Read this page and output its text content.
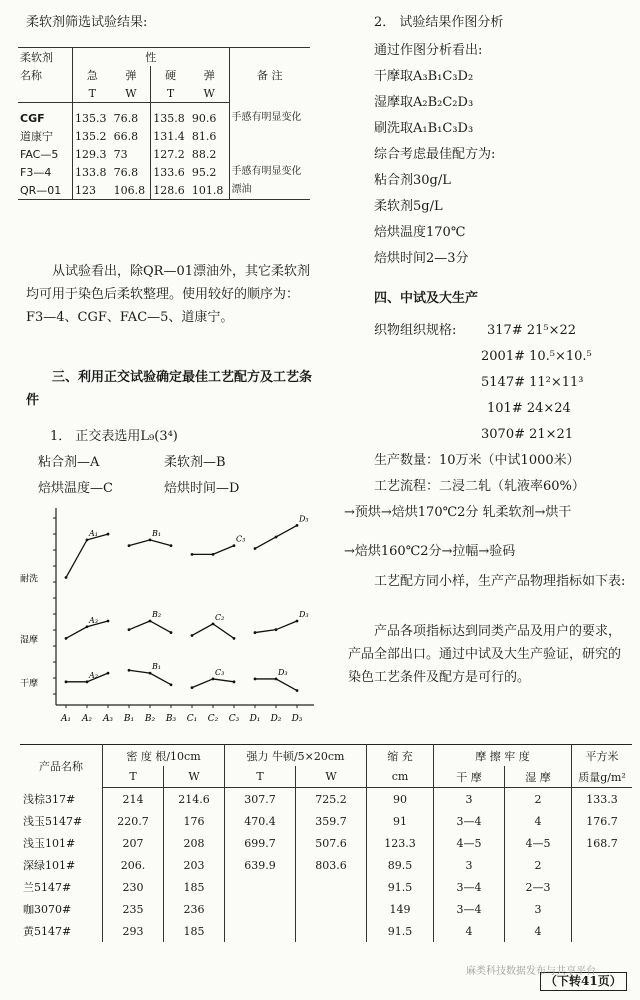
柔软剂筛选试验结果:
柔软剂	性				备 注
名称	急	弹	硬	弹	
	T	W	T	W	

CGF	135.3	76.8	135.8	90.6	手感有明显变化
道康宁	135.2	66.8	131.4	81.6	
FAC—5	129.3	73	127.2	88.2	
F3—4	133.8	76.8	133.6	95.2	手感有明显变化
QR—01	123	106.8	128.6	101.8	漂油
从试验看出，除QR—01漂油外，其它柔软剂均可用于染色后柔软整理。使用较好的顺序为：F3—4、CGF、FAC—5、道康宁。
三、利用正交试验确定最佳工艺配方及工艺条件
1． 正交表选用L₉(3⁴)
粘合剂—A	柔软剂—B
焙烘温度—C	焙烘时间—D
A₁ A₂ A₃ B₁ B₂ B₃ C₁ C₂ C₃ D₁ D₂ D₃
耐洗
湿摩
干摩
A₁	B₁
C₃
D₃
A₃
B₂	C₂	D₃
A₂
B₁
C₃	D₃
2． 试验结果作图分析
通过作图分析看出:
干摩取A₃B₁C₃D₂
湿摩取A₂B₂C₂D₃
刷洗取A₁B₁C₃D₃
综合考虑最佳配方为:
粘合剂30g/L
柔软剂5g/L
焙烘温度170℃
焙烘时间2—3分
四、中试及大生产
织物组织规格: 317# 21⁵×22
2001# 10.⁵×10.⁵
5147# 11²×11³
101# 24×24
3070# 21×21
生产数量：10万米（中试1000米）
工艺流程：二浸二轧（轧液率60%）
→预烘→焙烘170℃2分 轧柔软剂→烘干
→焙烘160℃2分→拉幅→验码
工艺配方同小样，生产产品物理指标如下表:
产品各项指标达到同类产品及用户的要求，产品全部出口。通过中试及大生产验证，研究的染色工艺条件及配方是可行的。
产品名称	密 度 根/10cm		强力 牛顿/5×20cm		缩 充	摩 擦 牢 度		平方米
	T	W	T	W	cm	干 摩	湿 摩	质量g/m²
浅棕317#	214	214.6	307.7	725.2	90	3	2	133.3
浅玉5147#	220.7	176	470.4	359.7	91	3—4	4	176.7
浅玉101#	207	208	699.7	507.6	123.3	4—5	4—5	168.7
深绿101#	206.	203	639.9	803.6	89.5	3	2	
兰5147#	230	185			91.5	3—4	2—3	
咖3070#	235	236			149	3—4	3	
黄5147#	293	185			91.5	4	4	
（下转41页）
麻类科技数据发布与共享平台
